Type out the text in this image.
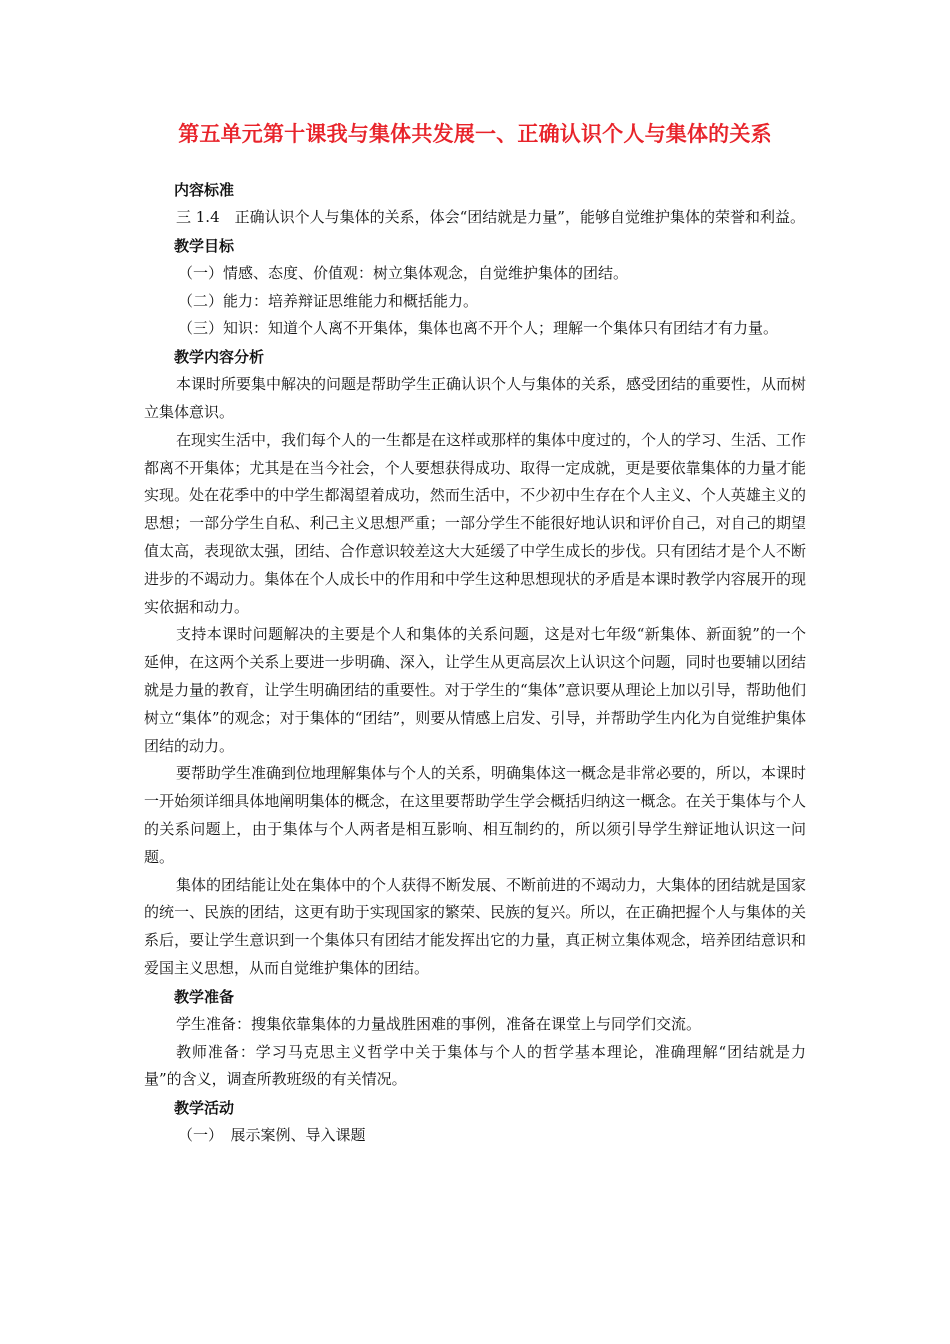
第五单元第十课我与集体共发展一、正确认识个人与集体的关系
内容标准

三 1.4　正确认识个人与集体的关系，体会“团结就是力量”，能够自觉维护集体的荣誉和利益。

教学目标

（一）情感、态度、价值观：树立集体观念，自觉维护集体的团结。

（二）能力：培养辩证思维能力和概括能力。

（三）知识：知道个人离不开集体，集体也离不开个人；理解一个集体只有团结才有力量。

教学内容分析

本课时所要集中解决的问题是帮助学生正确认识个人与集体的关系，感受团结的重要性，从而树立集体意识。

在现实生活中，我们每个人的一生都是在这样或那样的集体中度过的，个人的学习、生活、工作都离不开集体；尤其是在当今社会，个人要想获得成功、取得一定成就，更是要依靠集体的力量才能实现。处在花季中的中学生都渴望着成功，然而生活中，不少初中生存在个人主义、个人英雄主义的思想；一部分学生自私、利己主义思想严重；一部分学生不能很好地认识和评价自己，对自己的期望值太高，表现欲太强，团结、合作意识较差这大大延缓了中学生成长的步伐。只有团结才是个人不断进步的不竭动力。集体在个人成长中的作用和中学生这种思想现状的矛盾是本课时教学内容展开的现实依据和动力。

支持本课时问题解决的主要是个人和集体的关系问题，这是对七年级“新集体、新面貌”的一个延伸，在这两个关系上要进一步明确、深入，让学生从更高层次上认识这个问题，同时也要辅以团结就是力量的教育，让学生明确团结的重要性。对于学生的“集体”意识要从理论上加以引导，帮助他们树立“集体”的观念；对于集体的“团结”，则要从情感上启发、引导，并帮助学生内化为自觉维护集体团结的动力。

要帮助学生准确到位地理解集体与个人的关系，明确集体这一概念是非常必要的，所以，本课时一开始须详细具体地阐明集体的概念，在这里要帮助学生学会概括归纳这一概念。在关于集体与个人的关系问题上，由于集体与个人两者是相互影响、相互制约的，所以须引导学生辩证地认识这一问题。

集体的团结能让处在集体中的个人获得不断发展、不断前进的不竭动力，大集体的团结就是国家的统一、民族的团结，这更有助于实现国家的繁荣、民族的复兴。所以，在正确把握个人与集体的关系后，要让学生意识到一个集体只有团结才能发挥出它的力量，真正树立集体观念，培养团结意识和爱国主义思想，从而自觉维护集体的团结。

教学准备

学生准备：搜集依靠集体的力量战胜困难的事例，准备在课堂上与同学们交流。

教师准备：学习马克思主义哲学中关于集体与个人的哲学基本理论，准确理解“团结就是力量”的含义，调查所教班级的有关情况。

教学活动

（一）　展示案例、导入课题
